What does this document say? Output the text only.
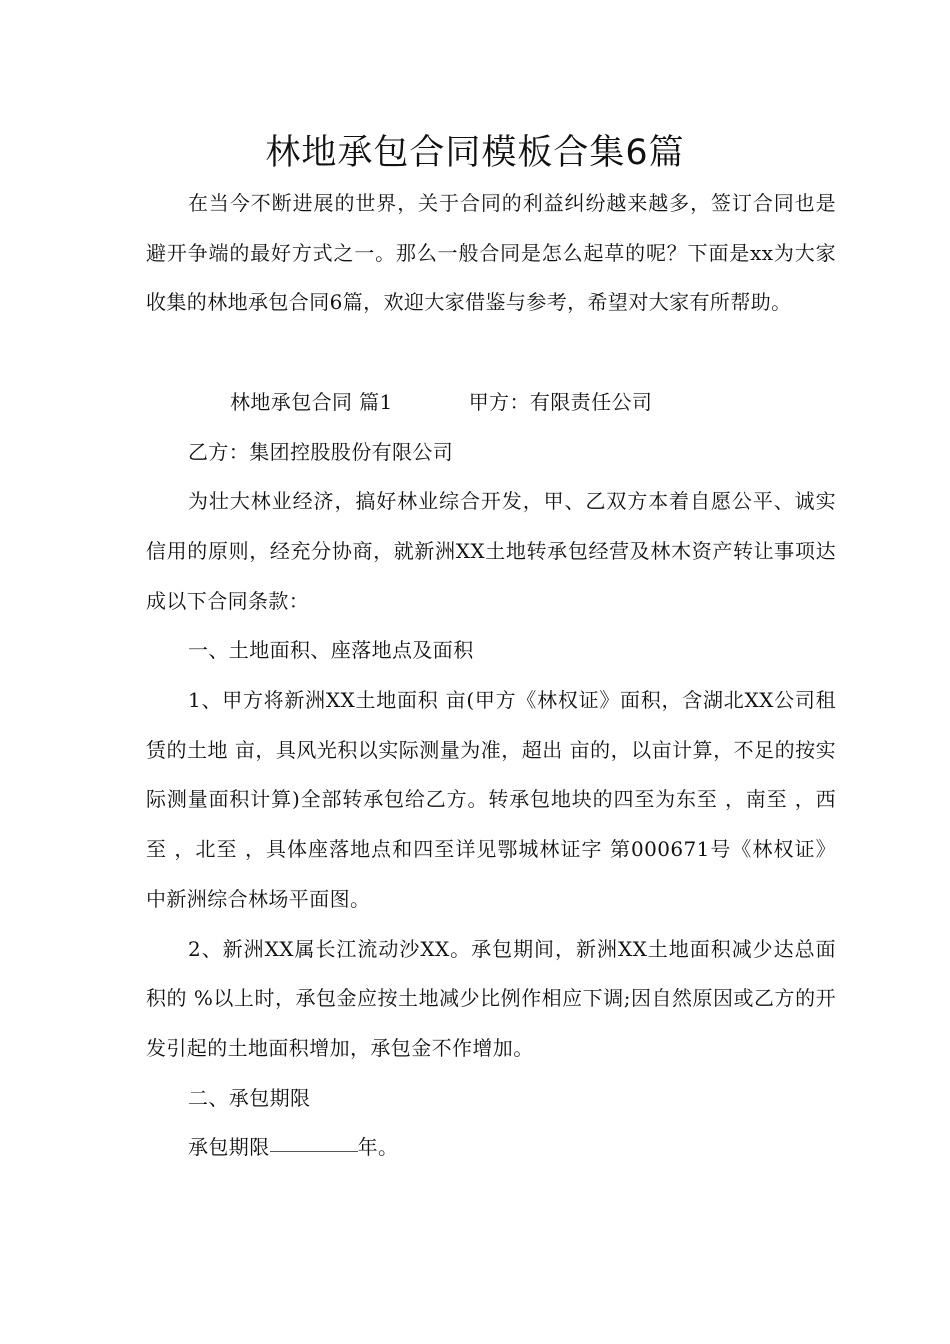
林地承包合同模板合集6篇

在当今不断进展的世界，关于合同的利益纠纷越来越多，签订合同也是避开争端的最好方式之一。那么一般合同是怎么起草的呢？下面是xx为大家收集的林地承包合同6篇，欢迎大家借鉴与参考，希望对大家有所帮助。

林地承包合同 篇1	甲方：有限责任公司

乙方：集团控股股份有限公司

为壮大林业经济，搞好林业综合开发，甲、乙双方本着自愿公平、诚实信用的原则，经充分协商，就新洲XX土地转承包经营及林木资产转让事项达成以下合同条款：

一、土地面积、座落地点及面积

1、甲方将新洲XX土地面积 亩(甲方《林权证》面积，含湖北XX公司租赁的土地 亩，具风光积以实际测量为准，超出 亩的，以亩计算，不足的按实际测量面积计算)全部转承包给乙方。转承包地块的四至为东至 ，南至 ，西至 ，北至 ，具体座落地点和四至详见鄂城林证字 第000671号《林权证》中新洲综合林场平面图。

2、新洲XX属长江流动沙XX。承包期间，新洲XX土地面积减少达总面积的 %以上时，承包金应按土地减少比例作相应下调;因自然原因或乙方的开发引起的土地面积增加，承包金不作增加。

二、承包期限

承包期限	年。
